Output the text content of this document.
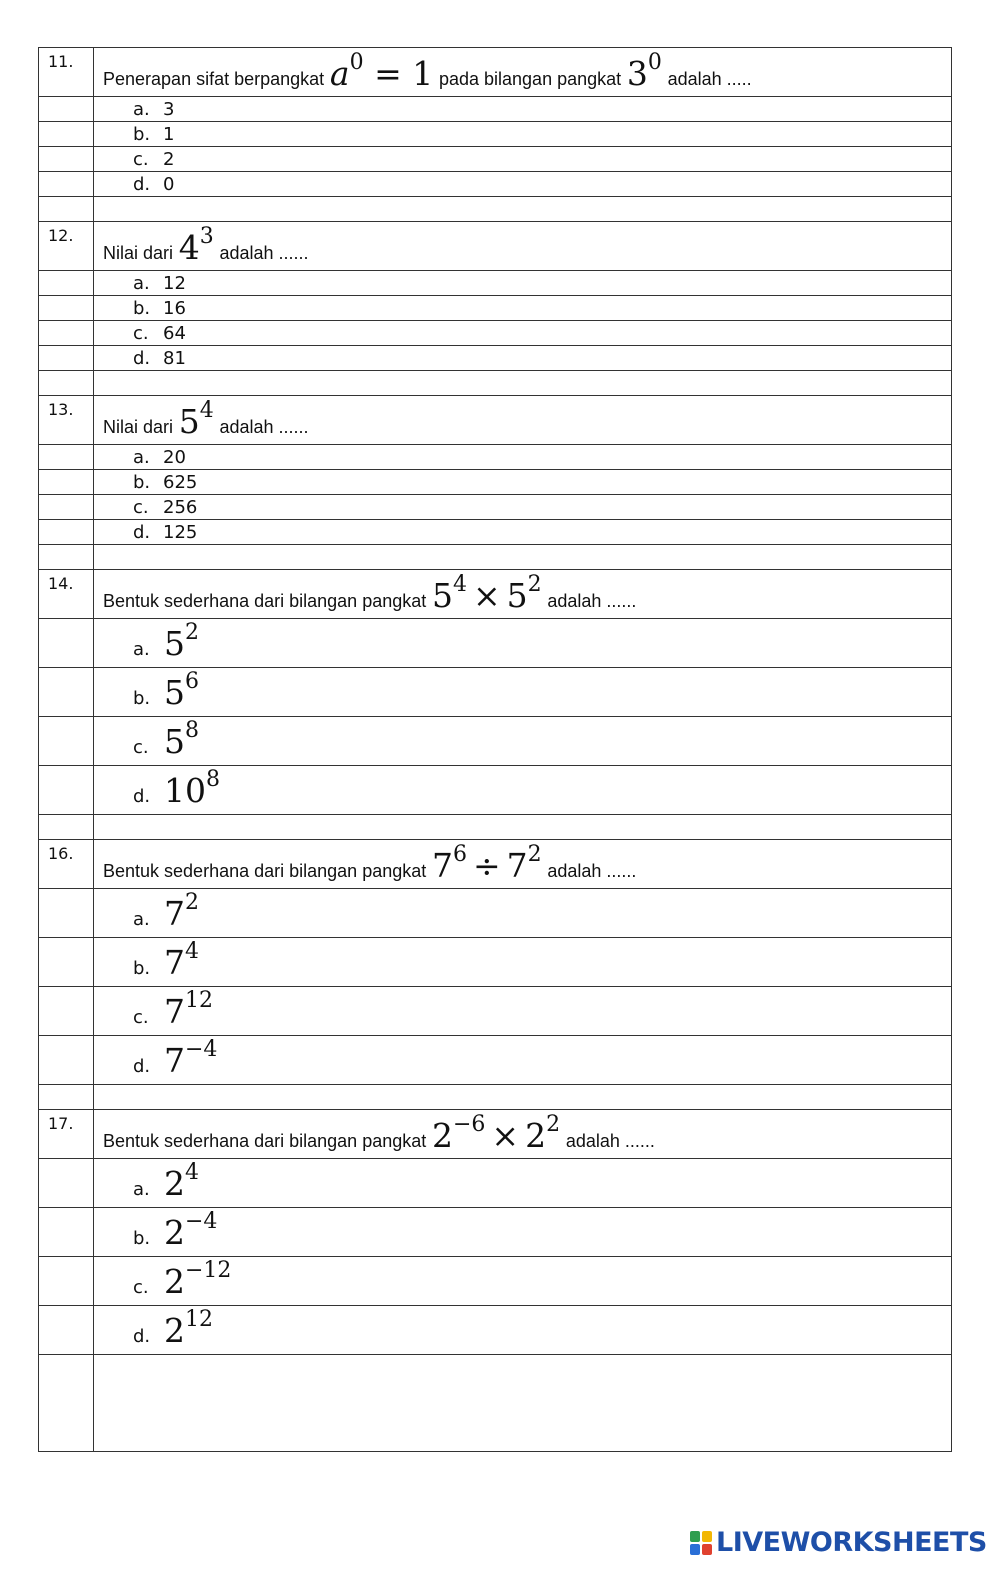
11.	Penerapan sifat berpangkat $a^0 = 1$ pada bilangan pangkat $3^0$ adalah .....

	a. 3

	b. 1

	c. 2

	d. 0

12.	Nilai dari $4^3$ adalah ......

	a. 12

	b. 16

	c. 64

	d. 81

13.	Nilai dari $5^4$ adalah ......

	a. 20

	b. 625

	c. 256

	d. 125

14.	Bentuk sederhana dari bilangan pangkat $5^4 \times 5^2$ adalah ......

	a. $5^2$

	b. $5^6$

	c. $5^8$

	d. $10^8$

16.	Bentuk sederhana dari bilangan pangkat $7^6 \div 7^2$ adalah ......

	a. $7^2$

	b. $7^4$

	c. $7^{12}$

	d. $7^{-4}$

17.	Bentuk sederhana dari bilangan pangkat $2^{-6} \times 2^2$ adalah ......

	a. $2^4$

	b. $2^{-4}$

	c. $2^{-12}$

	d. $2^{12}$

LIVEWORKSHEETS
